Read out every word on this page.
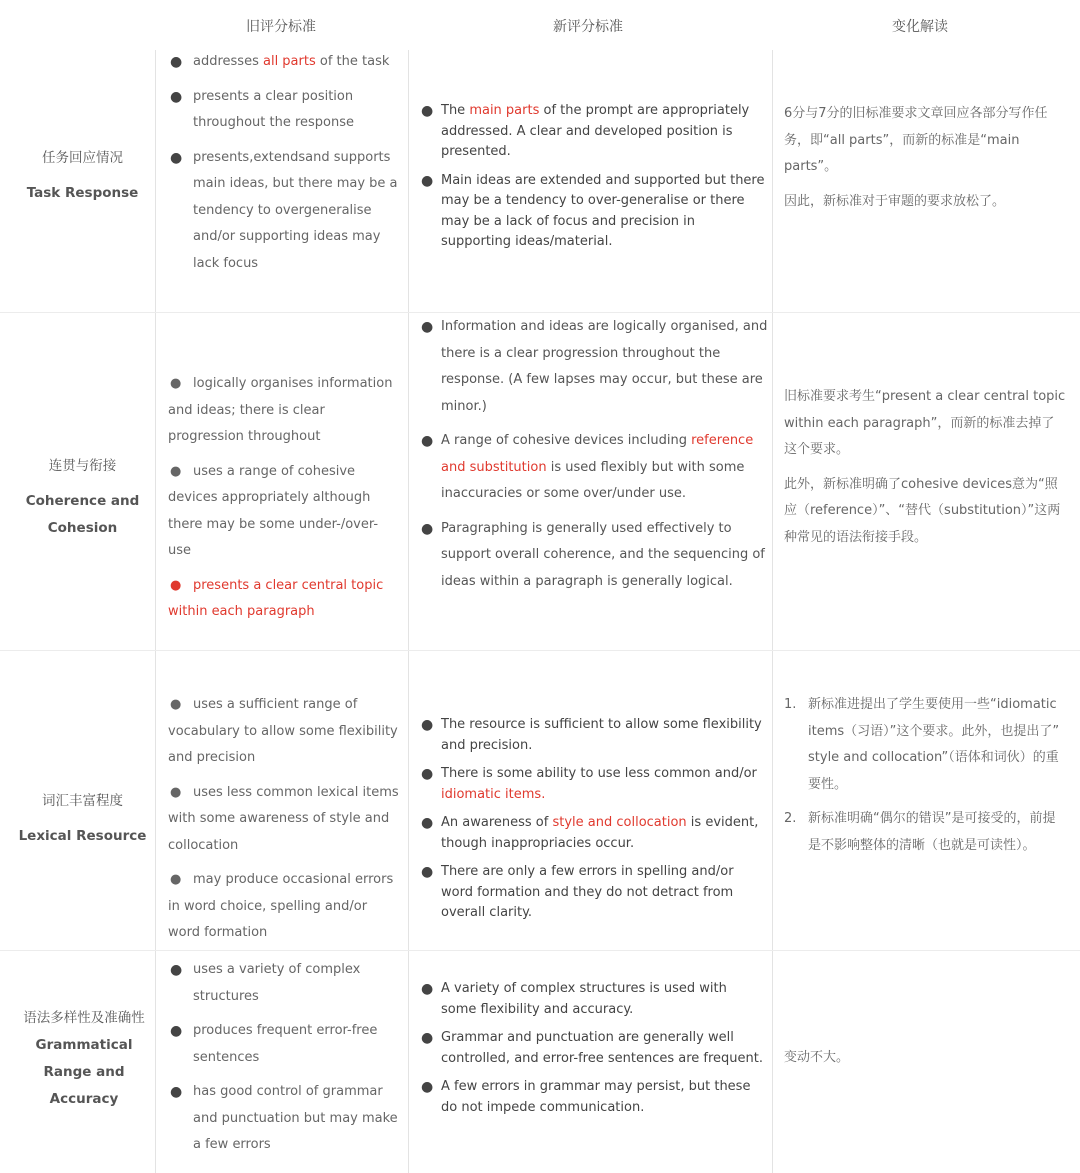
旧评分标准	新评分标准	变化解读
任务回应情况
Task Response
● addresses all parts of the task
● presents a clear position throughout the response
● presents,extendsand supports main ideas, but there may be a tendency to overgeneralise and/or supporting ideas may lack focus
● The main parts of the prompt are appropriately addressed. A clear and developed position is presented.
● Main ideas are extended and supported but there may be a tendency to over-generalise or there may be a lack of focus and precision in supporting ideas/material.

6分与7分的旧标准要求文章回应各部分写作任务，即“all parts”，而新的标准是“main parts”。

因此，新标准对于审题的要求放松了。

连贯与衔接
Coherence and Cohesion
● logically organises information and ideas; there is clear progression throughout
● uses a range of cohesive devices appropriately although there may be some under-/over-use
● presents a clear central topic within each paragraph
● Information and ideas are logically organised, and there is a clear progression throughout the response. (A few lapses may occur, but these are minor.)
● A range of cohesive devices including reference and substitution is used flexibly but with some inaccuracies or some over/under use.
● Paragraphing is generally used effectively to support overall coherence, and the sequencing of ideas within a paragraph is generally logical.

旧标准要求考生“present a clear central topic within each paragraph”，而新的标准去掉了这个要求。

此外，新标准明确了cohesive devices意为“照应（reference）”、“替代（substitution）”这两种常见的语法衔接手段。

词汇丰富程度
Lexical Resource
● uses a sufficient range of vocabulary to allow some flexibility and precision
● uses less common lexical items with some awareness of style and collocation
● may produce occasional errors in word choice, spelling and/or word formation
● The resource is sufficient to allow some flexibility and precision.
● There is some ability to use less common and/or idiomatic items.
● An awareness of style and collocation is evident, though inappropriacies occur.
● There are only a few errors in spelling and/or word formation and they do not detract from overall clarity.
1. 新标准进提出了学生要使用一些“idiomatic items（习语）”这个要求。此外，也提出了” style and collocation”（语体和词伙）的重要性。
2. 新标准明确“偶尔的错误”是可接受的，前提是不影响整体的清晰（也就是可读性）。
语法多样性及准确性
Grammatical Range and Accuracy
● uses a variety of complex structures
● produces frequent error-free sentences
● has good control of grammar and punctuation but may make a few errors
● A variety of complex structures is used with some flexibility and accuracy.
● Grammar and punctuation are generally well controlled, and error-free sentences are frequent.
● A few errors in grammar may persist, but these do not impede communication.

变动不大。
